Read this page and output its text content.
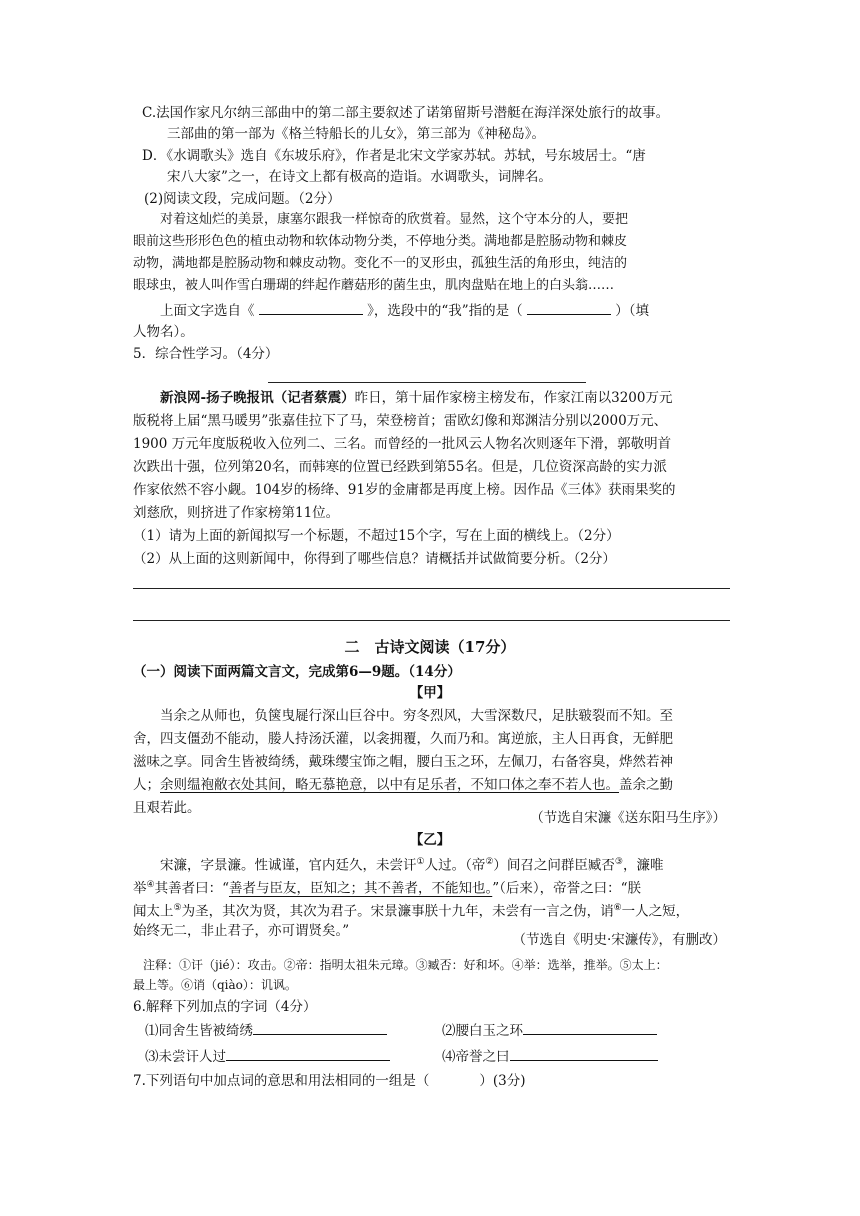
C.法国作家凡尔纳三部曲中的第二部主要叙述了诺第留斯号潜艇在海洋深处旅行的故事。
三部曲的第一部为《格兰特船长的儿女》，第三部为《神秘岛》。
D．《水调歌头》选自《东坡乐府》，作者是北宋文学家苏轼。苏轼，号东坡居士。“唐
宋八大家”之一，在诗文上都有极高的造诣。水调歌头，词牌名。
(2)阅读文段，完成问题。（2分）
对着这灿烂的美景，康塞尔跟我一样惊奇的欣赏着。显然，这个守本分的人，要把
眼前这些形形色色的植虫动物和软体动物分类，不停地分类。满地都是腔肠动物和棘皮
动物，满地都是腔肠动物和棘皮动物。变化不一的叉形虫，孤独生活的角形虫，纯洁的
眼球虫，被人叫作雪白珊瑚的绊起作蘑菇形的菌生虫，肌肉盘贴在地上的白头翁……
上面文字选自《	》，选段中的“我”指的是（	）（填
人物名）。
5．综合性学习。（4分）
新浪网-扬子晚报讯（记者蔡震）昨日，第十届作家榜主榜发布，作家江南以3200万元
版税将上届“黑马暖男”张嘉佳拉下了马，荣登榜首；雷欧幻像和郑渊洁分别以2000万元、
1900 万元年度版税收入位列二、三名。而曾经的一批风云人物名次则逐年下滑，郭敬明首
次跌出十强，位列第20名，而韩寒的位置已经跌到第55名。但是，几位资深高龄的实力派
作家依然不容小觑。104岁的杨绛、91岁的金庸都是再度上榜。因作品《三体》获雨果奖的
刘慈欣，则挤进了作家榜第11位。
（1）请为上面的新闻拟写一个标题，不超过15个字，写在上面的横线上。（2分）
（2）从上面的这则新闻中，你得到了哪些信息？请概括并试做简要分析。（2分）
二　古诗文阅读（17分）
（一）阅读下面两篇文言文，完成第6—9题。（14分）
【甲】
当余之从师也，负箧曳屣行深山巨谷中。穷冬烈风，大雪深数尺，足肤皲裂而不知。至
舍，四支僵劲不能动，媵人持汤沃灌，以衾拥覆，久而乃和。寓逆旅，主人日再食，无鲜肥
滋味之享。同舍生皆被绮绣，戴珠缨宝饰之帽，腰白玉之环，左佩刀，右备容臭，烨然若神
人；余则缊袍敝衣处其间，略无慕艳意，以中有足乐者，不知口体之奉不若人也。盖余之勤
且艰若此。
（节选自宋濂《送东阳马生序》）
【乙】
宋濂，字景濂。性诚谨，官内廷久，未尝讦①人过。（帝②）间召之问群臣臧否③，濂唯
举④其善者曰：“善者与臣友，臣知之；其不善者，不能知也。”（后来），帝誉之曰：“朕
闻太上⑤为圣，其次为贤，其次为君子。宋景濂事朕十九年，未尝有一言之伪，诮⑥一人之短，
始终无二，非止君子，亦可谓贤矣。”
（节选自《明史·宋濂传》，有删改）
注释：①讦（jié）：攻击。②帝：指明太祖朱元璋。③臧否：好和坏。④举：选举，推举。⑤太上：
最上等。⑥诮（qiào）：讥讽。
6.解释下列加点的字词（4分）
⑴同舍生皆被绮绣	⑵腰白玉之环
⑶未尝讦人过	⑷帝誉之曰
7.下列语句中加点词的意思和用法相同的一组是（	）(3分)
